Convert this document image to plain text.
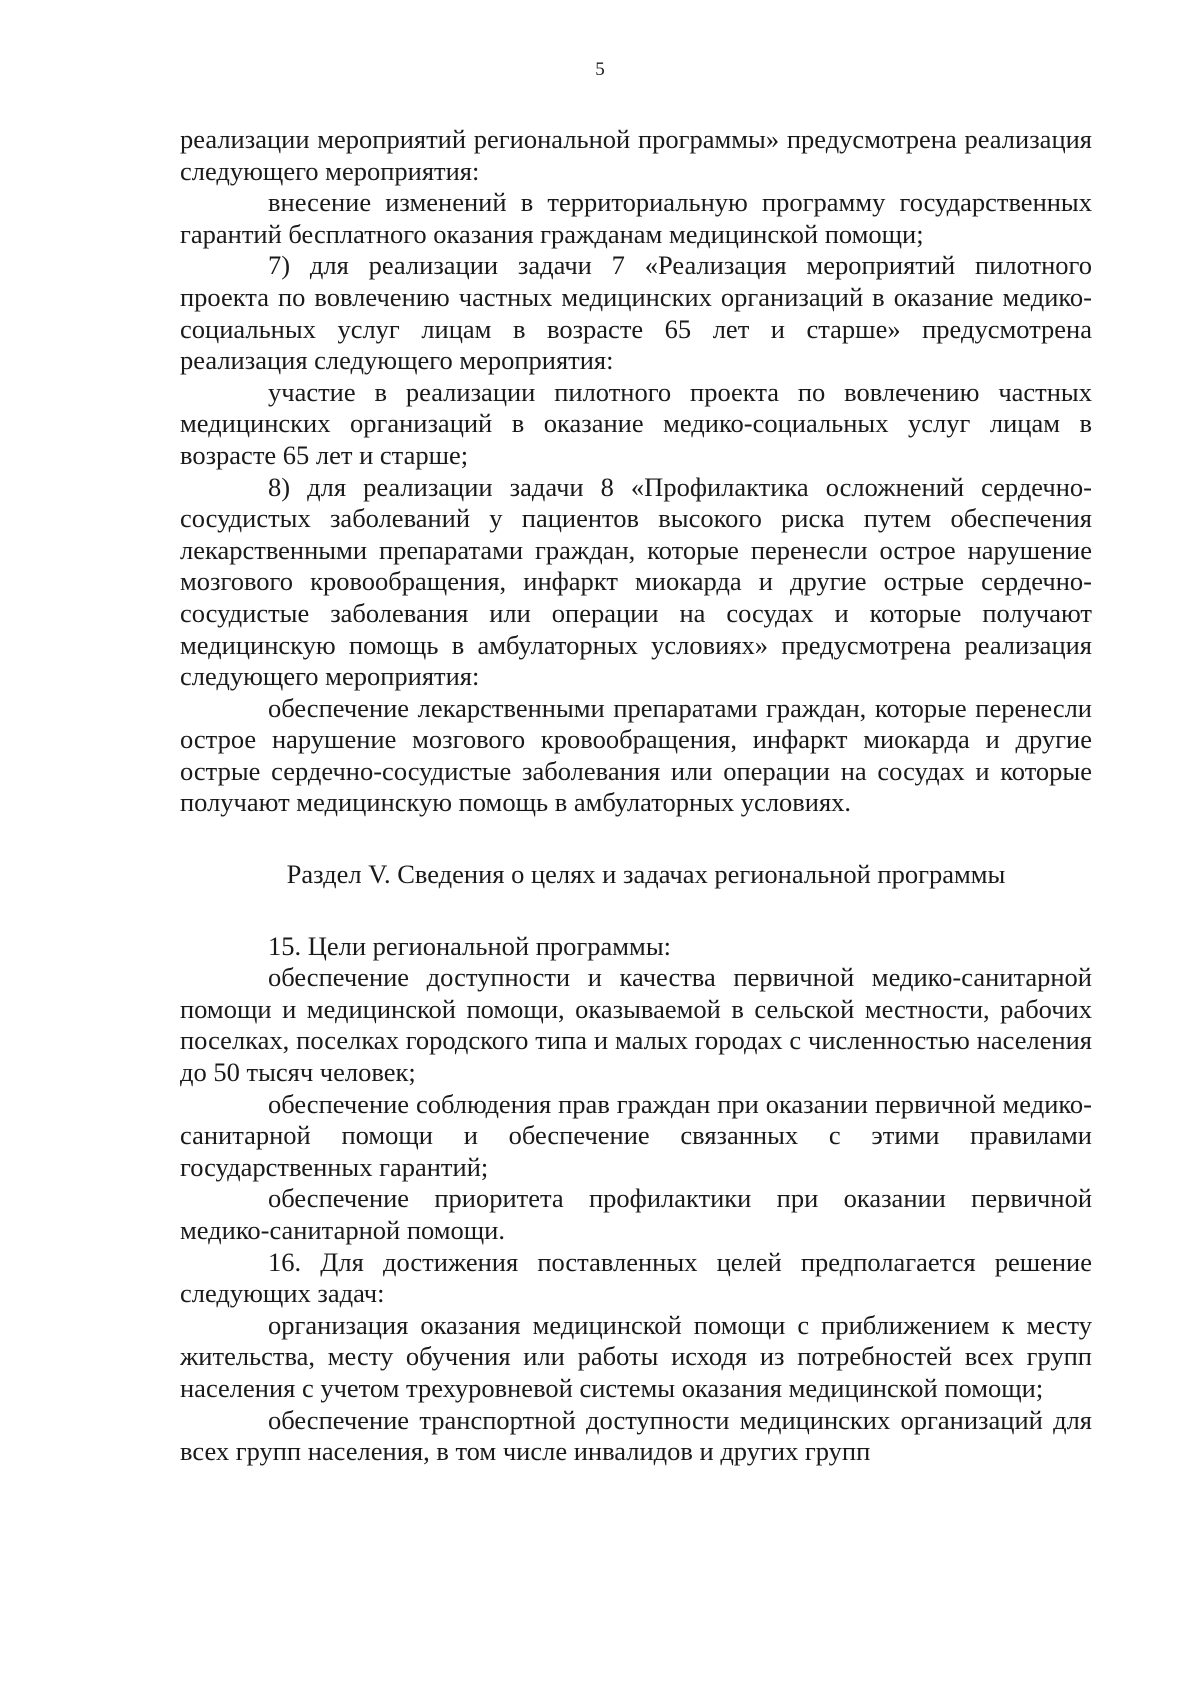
5

реализации мероприятий региональной программы» предусмотрена реализация следующего мероприятия:

внесение изменений в территориальную программу государственных гарантий бесплатного оказания гражданам медицинской помощи;

7) для реализации задачи 7 «Реализация мероприятий пилотного проекта по вовлечению частных медицинских организаций в оказание медико-социальных услуг лицам в возрасте 65 лет и старше» предусмотрена реализация следующего мероприятия:

участие в реализации пилотного проекта по вовлечению частных медицинских организаций в оказание медико-социальных услуг лицам в возрасте 65 лет и старше;

8) для реализации задачи 8 «Профилактика осложнений сердечно-сосудистых заболеваний у пациентов высокого риска путем обеспечения лекарственными препаратами граждан, которые перенесли острое нарушение мозгового кровообращения, инфаркт миокарда и другие острые сердечно-сосудистые заболевания или операции на сосудах и которые получают медицинскую помощь в амбулаторных условиях» предусмотрена реализация следующего мероприятия:

обеспечение лекарственными препаратами граждан, которые перенесли острое нарушение мозгового кровообращения, инфаркт миокарда и другие острые сердечно-сосудистые заболевания или операции на сосудах и которые получают медицинскую помощь в амбулаторных условиях.

Раздел V. Сведения о целях и задачах региональной программы

15. Цели региональной программы:

обеспечение доступности и качества первичной медико-санитарной помощи и медицинской помощи, оказываемой в сельской местности, рабочих поселках, поселках городского типа и малых городах с численностью населения до 50 тысяч человек;

обеспечение соблюдения прав граждан при оказании первичной медико-санитарной помощи и обеспечение связанных с этими правилами государственных гарантий;

обеспечение приоритета профилактики при оказании первичной медико-санитарной помощи.

16. Для достижения поставленных целей предполагается решение следующих задач:

организация оказания медицинской помощи с приближением к месту жительства, месту обучения или работы исходя из потребностей всех групп населения с учетом трехуровневой системы оказания медицинской помощи;

обеспечение транспортной доступности медицинских организаций для всех групп населения, в том числе инвалидов и других групп
